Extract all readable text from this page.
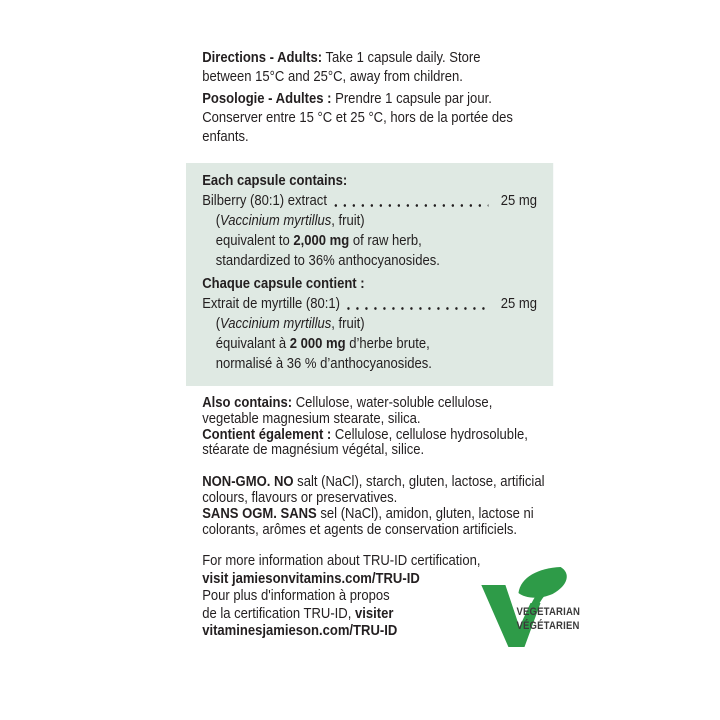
Directions - Adults: Take 1 capsule daily. Store
between 15°C and 25°C, away from children.
Posologie - Adultes : Prendre 1 capsule par jour.
Conserver entre 15 °C et 25 °C, hors de la portée des
enfants.
Each capsule contains:
Bilberry (80:1) extract	25 mg
(Vaccinium myrtillus, fruit)
equivalent to 2,000 mg of raw herb,
standardized to 36% anthocyanosides.
Chaque capsule contient :
Extrait de myrtille (80:1)	25 mg
(Vaccinium myrtillus, fruit)
équivalant à 2 000 mg d’herbe brute,
normalisé à 36 % d’anthocyanosides.
Also contains: Cellulose, water-soluble cellulose,
vegetable magnesium stearate, silica.
Contient également : Cellulose, cellulose hydrosoluble,
stéarate de magnésium végétal, silice.
NON-GMO. NO salt (NaCl), starch, gluten, lactose, artificial
colours, flavours or preservatives.
SANS OGM. SANS sel (NaCl), amidon, gluten, lactose ni
colorants, arômes et agents de conservation artificiels.
For more information about TRU-ID certification,
visit jamiesonvitamins.com/TRU-ID
Pour plus d'information à propos
de la certification TRU-ID, visiter
vitaminesjamieson.com/TRU-ID
VEGETARIAN
VÉGÉTARIEN
